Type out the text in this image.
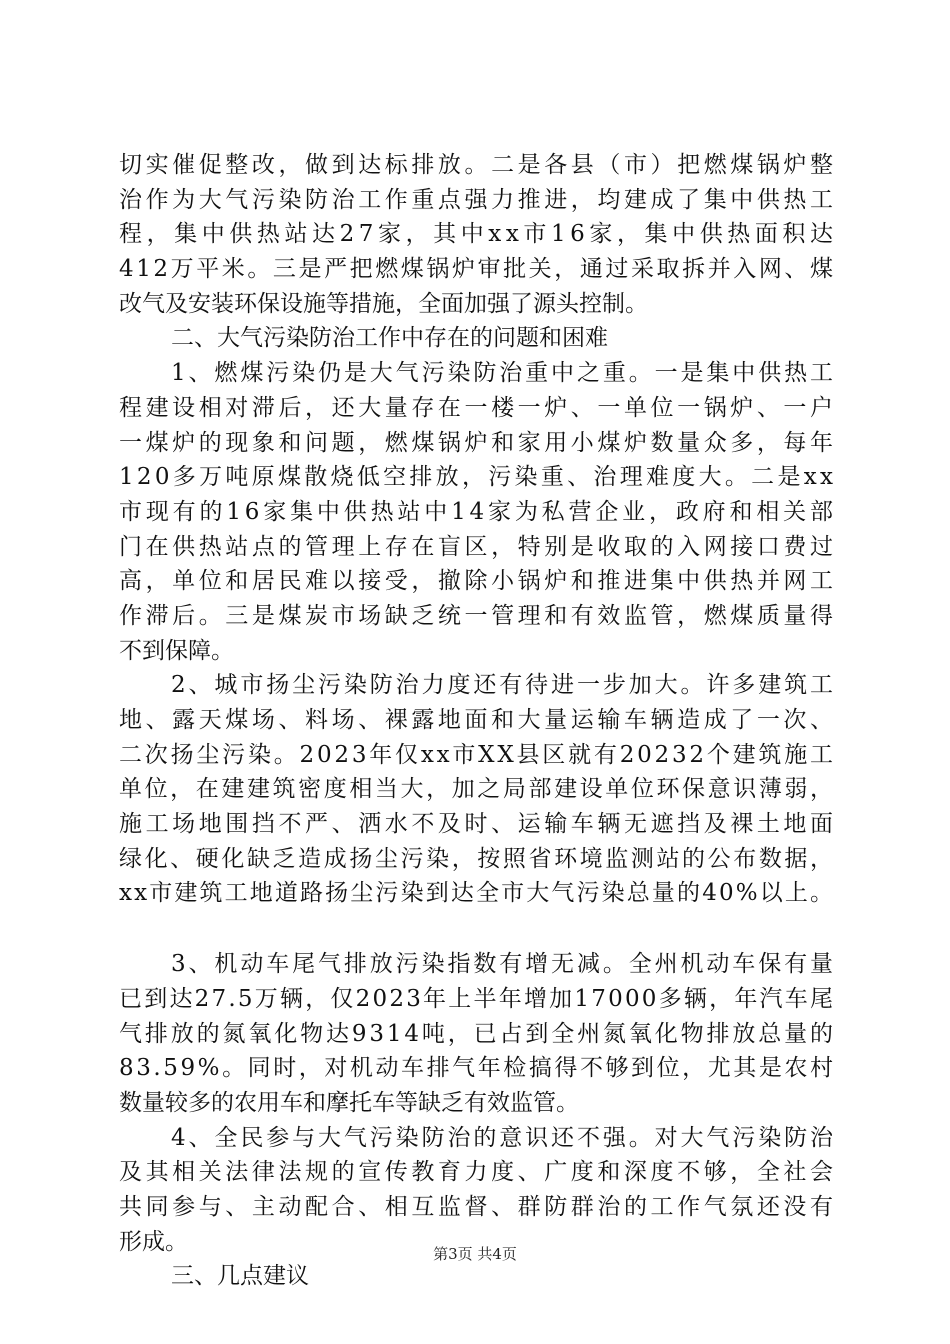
切实催促整改，做到达标排放。二是各县（市）把燃煤锅炉整
治作为大气污染防治工作重点强力推进，均建成了集中供热工
程，集中供热站达27家，其中xx市16家，集中供热面积达
412万平米。三是严把燃煤锅炉审批关，通过采取拆并入网、煤
改气及安装环保设施等措施，全面加强了源头控制。
二、大气污染防治工作中存在的问题和困难
1、燃煤污染仍是大气污染防治重中之重。一是集中供热工
程建设相对滞后，还大量存在一楼一炉、一单位一锅炉、一户
一煤炉的现象和问题，燃煤锅炉和家用小煤炉数量众多，每年
120多万吨原煤散烧低空排放，污染重、治理难度大。二是xx
市现有的16家集中供热站中14家为私营企业，政府和相关部
门在供热站点的管理上存在盲区，特别是收取的入网接口费过
高，单位和居民难以接受，撤除小锅炉和推进集中供热并网工
作滞后。三是煤炭市场缺乏统一管理和有效监管，燃煤质量得
不到保障。
2、城市扬尘污染防治力度还有待进一步加大。许多建筑工
地、露天煤场、料场、裸露地面和大量运输车辆造成了一次、
二次扬尘污染。2023年仅xx市XX县区就有20232个建筑施工
单位，在建建筑密度相当大，加之局部建设单位环保意识薄弱，
施工场地围挡不严、洒水不及时、运输车辆无遮挡及裸土地面
绿化、硬化缺乏造成扬尘污染，按照省环境监测站的公布数据，
xx市建筑工地道路扬尘污染到达全市大气污染总量的40%以上。
3、机动车尾气排放污染指数有增无减。全州机动车保有量
已到达27.5万辆，仅2023年上半年增加17000多辆，年汽车尾
气排放的氮氧化物达9314吨，已占到全州氮氧化物排放总量的
83.59%。同时，对机动车排气年检搞得不够到位，尤其是农村
数量较多的农用车和摩托车等缺乏有效监管。
4、全民参与大气污染防治的意识还不强。对大气污染防治
及其相关法律法规的宣传教育力度、广度和深度不够，全社会
共同参与、主动配合、相互监督、群防群治的工作气氛还没有
形成。
三、几点建议
第3页 共4页
